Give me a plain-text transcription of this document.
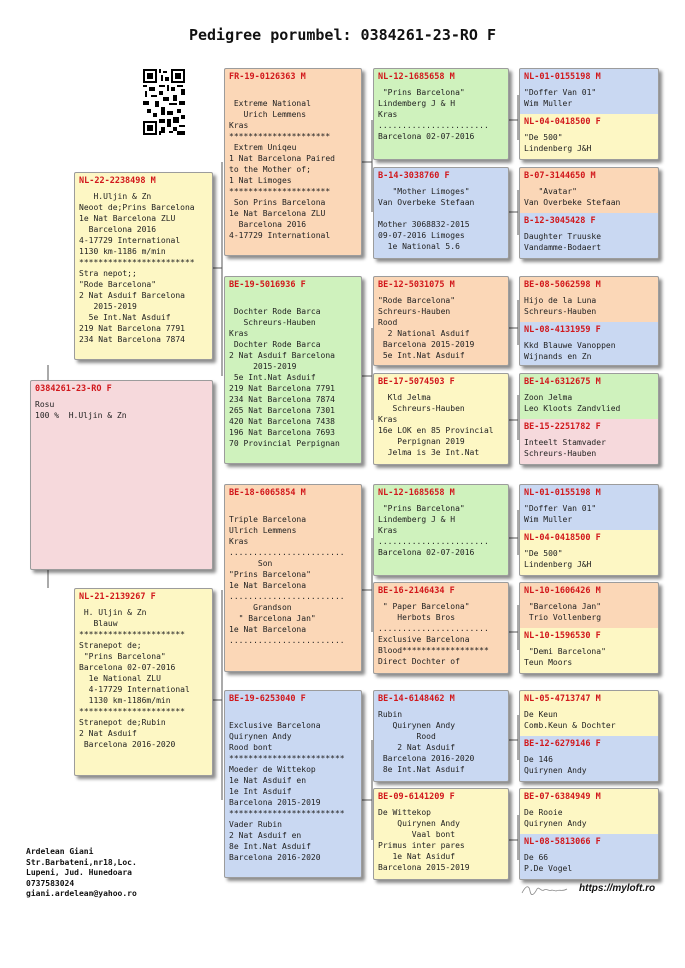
Pedigree porumbel: 0384261-23-RO F
0384261-23-RO F
Rosu
100 %  H.Uljin & Zn
NL-22-2238498 M
H.Uljin & Zn
Neoot de;Prins Barcelona
1e Nat Barcelona ZLU
Barcelona 2016
4-17729 International
1130 km-1186 m/min
************************
Stra nepot;;
"Rode Barcelona"
2 Nat Asduif Barcelona
2015-2019
5e Int.Nat Asduif
219 Nat Barcelona 7791
234 Nat Barcelona 7874
NL-21-2139267 F
H. Uljin & Zn
Blauw
**********************
Stranepot de;
"Prins Barcelona"
Barcelona 02-07-2016
1e National ZLU
4-17729 International
1130 km-1186m/min
**********************
Stranepot de;Rubin
2 Nat Asduif
Barcelona 2016-2020
FR-19-0126363 M

Extreme National
Urich Lemmens
Kras
*********************
Extrem Uniqeu
1 Nat Barcelona Paired
to the Mother of;
1 Nat Limoges
*********************
Son Prins Barcelona
1e Nat Barcelona ZLU
Barcelona 2016
4-17729 International
BE-19-5016936 F

Dochter Rode Barca
Schreurs-Hauben
Kras
Dochter Rode Barca
2 Nat Asduif Barcelona
2015-2019
5e Int.Nat Asduif
219 Nat Barcelona 7791
234 Nat Barcelona 7874
265 Nat Barcelona 7301
420 Nat Barcelona 7438
196 Nat Barcelona 7693
70 Provincial Perpignan
BE-18-6065854 M

Triple Barcelona
Ulrich Lemmens
Kras
........................
Son
"Prins Barcelona"
1e Nat Barcelona
........................
Grandson
" Barcelona Jan"
1e Nat Barcelona
........................
BE-19-6253040 F

Exclusive Barcelona
Quirynen Andy
Rood bont
************************
Moeder de Wittekop
1e Nat Asduif en
1e Int Asduif
Barcelona 2015-2019
************************
Vader Rubin
2 Nat Asduif en
8e Int.Nat Asduif
Barcelona 2016-2020
NL-12-1685658 M
"Prins Barcelona"
Lindemberg J & H
Kras
.......................
Barcelona 02-07-2016
B-14-3038760 F
"Mother Limoges"
Van Overbeke Stefaan

Mother 3068832-2015
09-07-2016 Limoges
1e National 5.6
BE-12-5031075 M
"Rode Barcelona"
Schreurs-Hauben
Rood
2 National Asduif
Barcelona 2015-2019
5e Int.Nat Asduif
BE-17-5074503 F
Kld Jelma
Schreurs-Hauben
Kras
16e LOK en 85 Provincial
Perpignan 2019
Jelma is 3e Int.Nat
NL-12-1685658 M
"Prins Barcelona"
Lindemberg J & H
Kras
.......................
Barcelona 02-07-2016
BE-16-2146434 F
" Paper Barcelona"
Herbots Bros
.......................
Exclusive Barcelona
Blood******************
Direct Dochter of
BE-14-6148462 M
Rubin
Quirynen Andy
Rood
2 Nat Asduif
Barcelona 2016-2020
8e Int.Nat Asduif
BE-09-6141209 F
De Wittekop
Quirynen Andy
Vaal bont
Primus inter pares
1e Nat Asiduf
Barcelona 2015-2019
NL-01-0155198 M
"Doffer Van 01"
Wim Muller
NL-04-0418500 F
"De 500"
Lindenberg J&H
B-07-3144650 M
"Avatar"
Van Overbeke Stefaan
B-12-3045428 F
Daughter Truuske
Vandamme-Bodaert
BE-08-5062598 M
Hijo de la Luna
Schreurs-Hauben
NL-08-4131959 F
Kkd Blauwe Vanoppen
Wijnands en Zn
BE-14-6312675 M
Zoon Jelma
Leo Kloots Zandvlied
BE-15-2251782 F
Inteelt Stamvader
Schreurs-Hauben
NL-01-0155198 M
"Doffer Van 01"
Wim Muller
NL-04-0418500 F
"De 500"
Lindenberg J&H
NL-10-1606426 M
"Barcelona Jan"
Trio Vollenberg
NL-10-1596530 F
"Demi Barcelona"
Teun Moors
NL-05-4713747 M
De Keun
Comb.Keun & Dochter
BE-12-6279146 F
De 146
Quirynen Andy
BE-07-6384949 M
De Rooie
Quirynen Andy
NL-08-5813066 F
De 66
P.De Vogel
Ardelean Giani
Str.Barbateni,nr18,Loc.
Lupeni, Jud. Hunedoara
0737583024
giani.ardelean@yahoo.ro	https://myloft.ro
